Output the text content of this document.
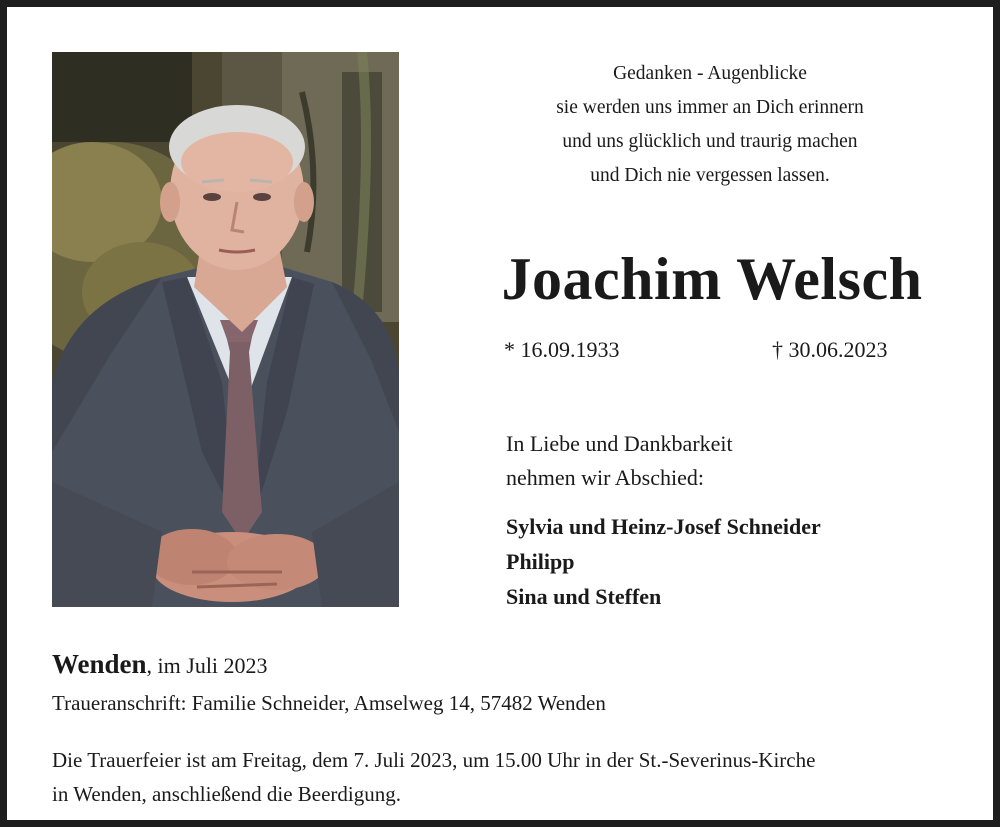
Gedanken - Augenblicke
sie werden uns immer an Dich erinnern
und uns glücklich und traurig machen
und Dich nie vergessen lassen.
Joachim Welsch
* 16.09.1933	† 30.06.2023
In Liebe und Dankbarkeit
nehmen wir Abschied:
Sylvia und Heinz-Josef Schneider
Philipp
Sina und Steffen
Wenden, im Juli 2023
Traueranschrift: Familie Schneider, Amselweg 14, 57482 Wenden
Die Trauerfeier ist am Freitag, dem 7. Juli 2023, um 15.00 Uhr in der St.-Severinus-Kirche
in Wenden, anschließend die Beerdigung.
